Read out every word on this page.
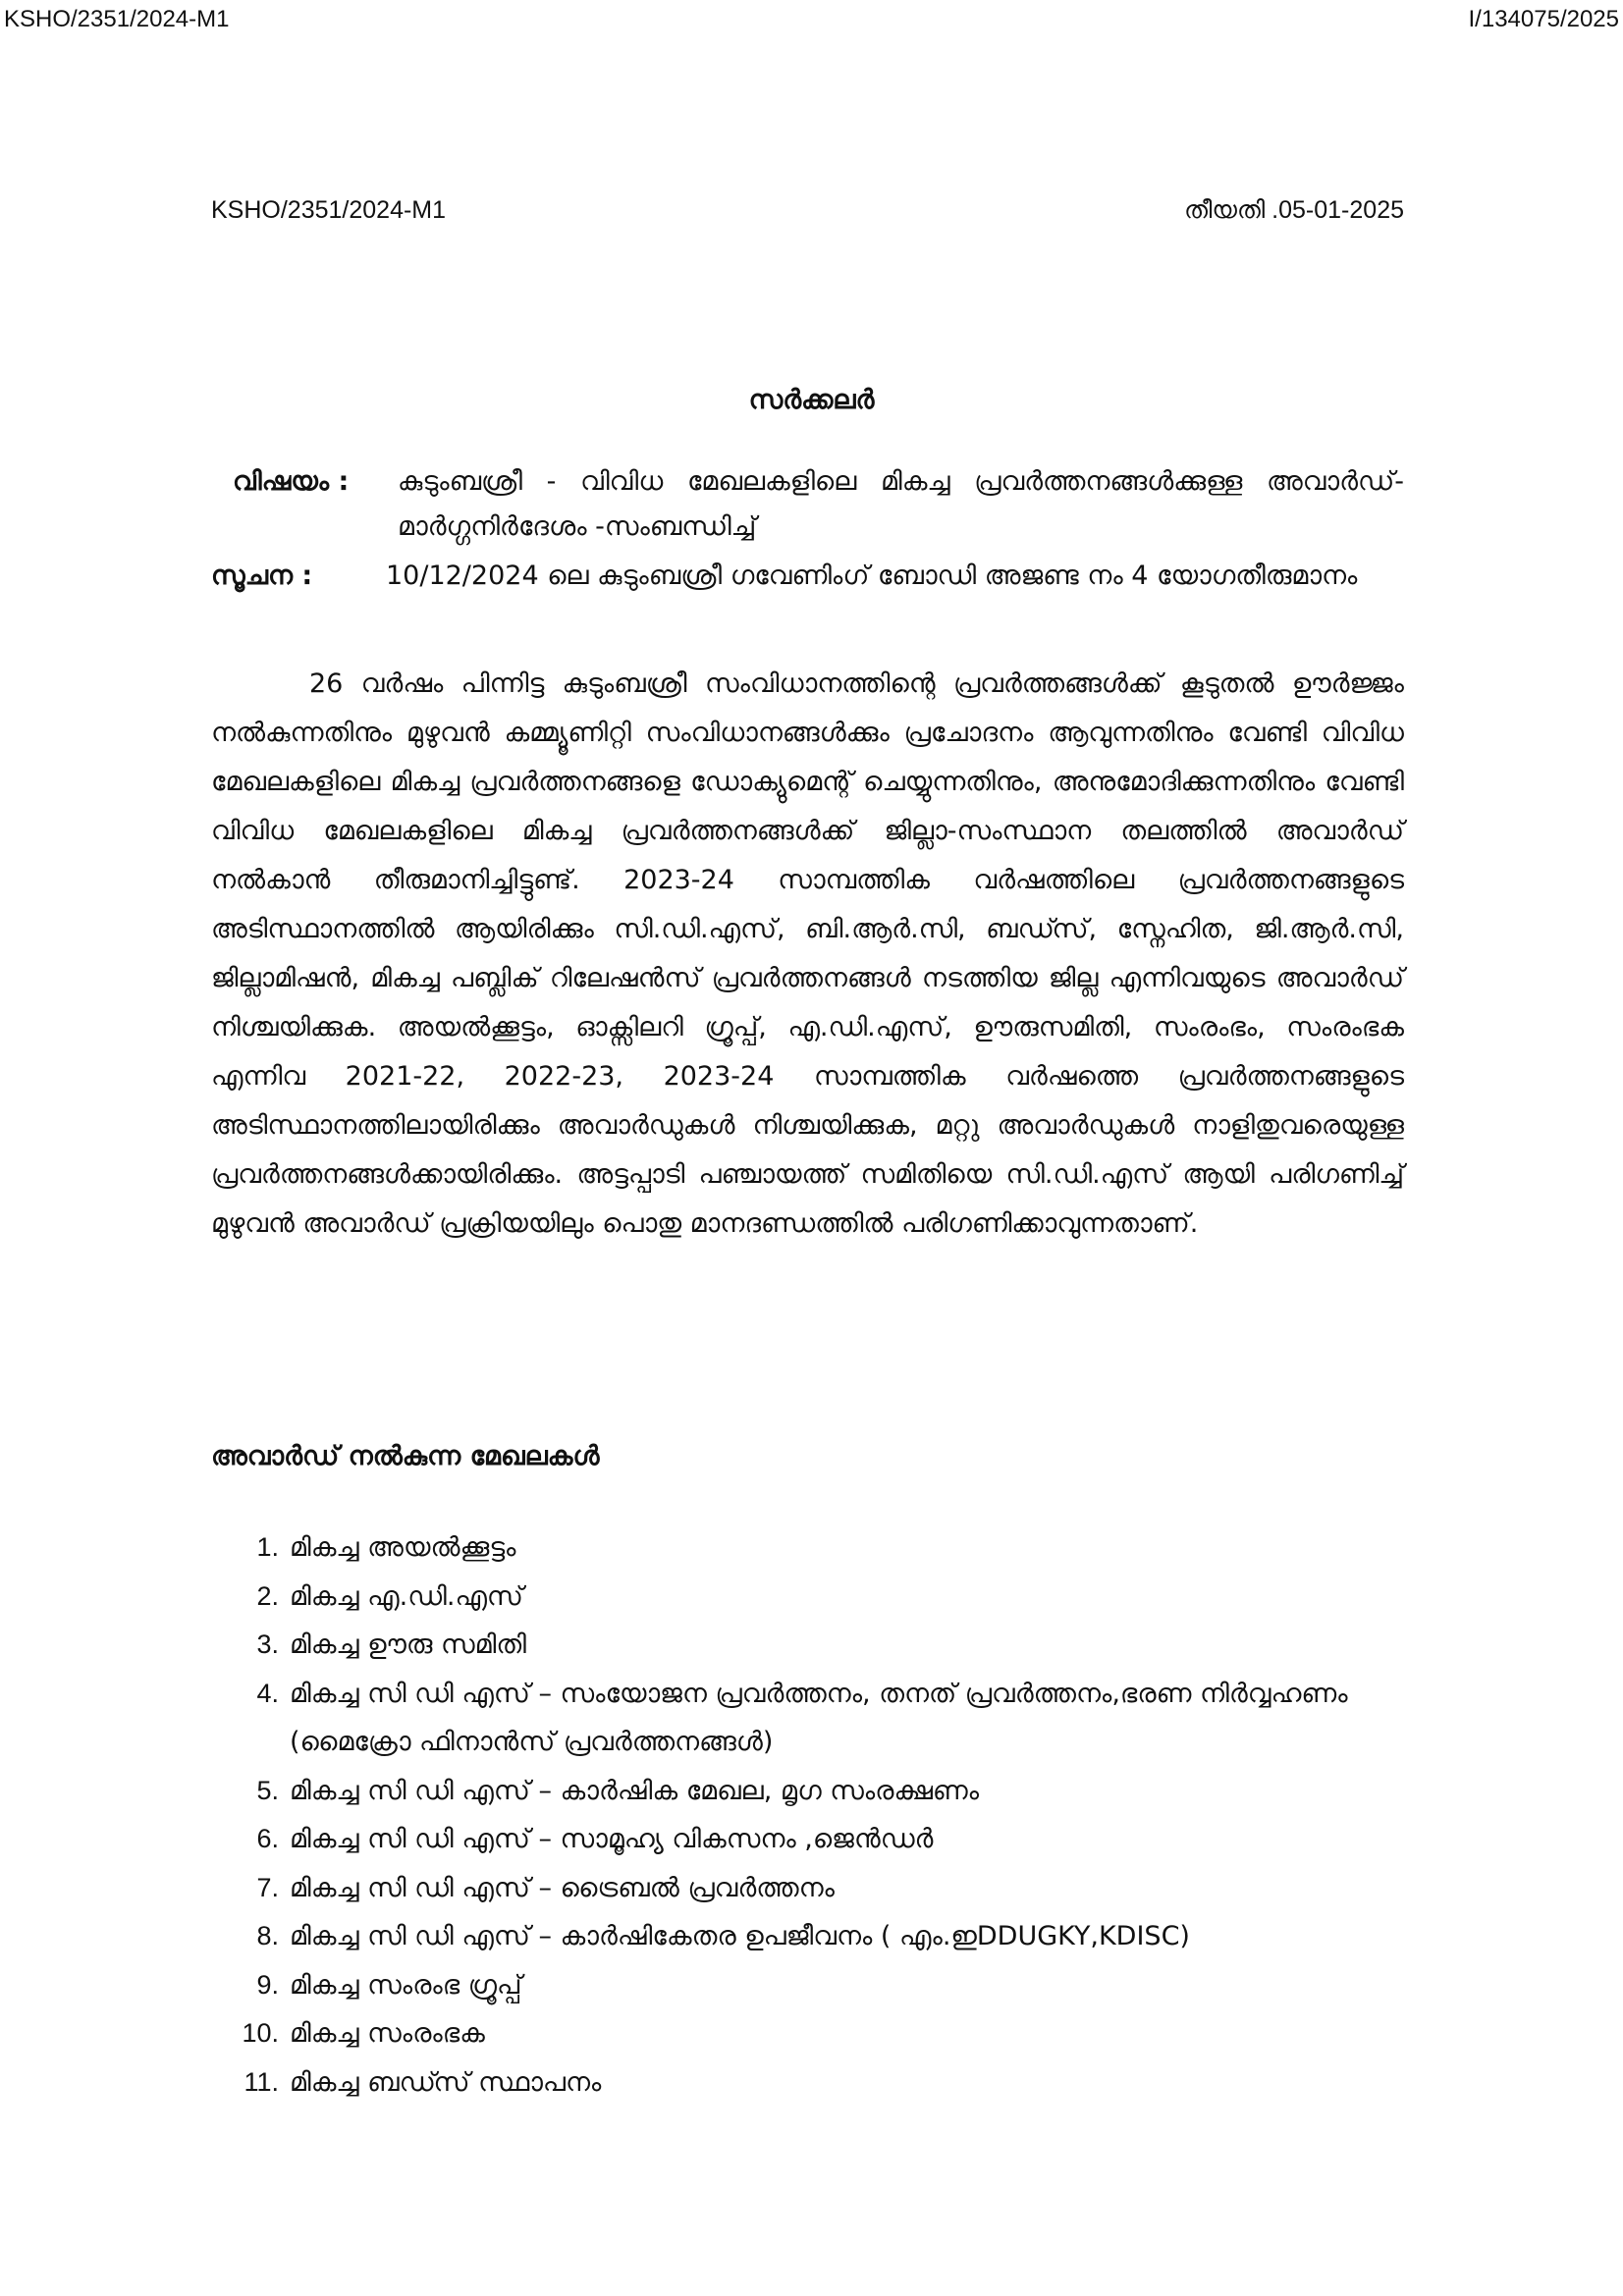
KSHO/2351/2024-M1	I/134075/2025
KSHO/2351/2024-M1	തീയതി .05-01-2025
സർക്കലർ
വിഷയം : കുടുംബശ്രീ - വിവിധ മേഖലകളിലെ മികച്ച പ്രവർത്തനങ്ങൾക്കുള്ള അവാർഡ്-മാർഗ്ഗനിർദേശം -സംബന്ധിച്ച്
സൂചന :	10/12/2024 ലെ കുടുംബശ്രീ ഗവേണിംഗ് ബോഡി അജണ്ട നം 4 യോഗതീരുമാനം
26 വർഷം പിന്നിട്ട കുടുംബശ്രീ സംവിധാനത്തിന്റെ പ്രവർത്തങ്ങൾക്ക് കൂടുതൽ ഊർജ്ജം നൽകുന്നതിനും മുഴുവൻ കമ്മ്യൂണിറ്റി സംവിധാനങ്ങൾക്കും പ്രചോദനം ആവുന്നതിനും വേണ്ടി വിവിധ മേഖലകളിലെ മികച്ച പ്രവർത്തനങ്ങളെ ഡോക്യുമെന്റ് ചെയ്യുന്നതിനും, അനുമോദിക്കുന്നതിനും വേണ്ടി വിവിധ മേഖലകളിലെ മികച്ച പ്രവർത്തനങ്ങൾക്ക് ജില്ലാ-സംസ്ഥാന തലത്തിൽ അവാർഡ് നൽകാൻ തീരുമാനിച്ചിട്ടുണ്ട്. 2023-24 സാമ്പത്തിക വർഷത്തിലെ പ്രവർത്തനങ്ങളുടെ അടിസ്ഥാനത്തിൽ ആയിരിക്കും സി.ഡി.എസ്, ബി.ആർ.സി, ബഡ്സ്, സ്നേഹിത, ജി.ആർ.സി, ജില്ലാമിഷൻ, മികച്ച പബ്ലിക് റിലേഷൻസ് പ്രവർത്തനങ്ങൾ നടത്തിയ ജില്ല എന്നിവയുടെ അവാർഡ് നിശ്ചയിക്കുക. അയൽക്കൂട്ടം, ഓക്സിലറി ഗ്രൂപ്പ്, എ.ഡി.എസ്, ഊരുസമിതി, സംരംഭം, സംരംഭക എന്നിവ 2021-22, 2022-23, 2023-24 സാമ്പത്തിക വർഷത്തെ പ്രവർത്തനങ്ങളുടെ അടിസ്ഥാനത്തിലായിരിക്കും അവാർഡുകൾ നിശ്ചയിക്കുക, മറ്റു അവാർഡുകൾ നാളിതുവരെയുള്ള പ്രവർത്തനങ്ങൾക്കായിരിക്കും. അട്ടപ്പാടി പഞ്ചായത്ത് സമിതിയെ സി.ഡി.എസ് ആയി പരിഗണിച്ച് മുഴുവൻ അവാർഡ് പ്രക്രിയയിലും പൊതു മാനദണ്ഡത്തിൽ പരിഗണിക്കാവുന്നതാണ്.
അവാർഡ് നൽകുന്ന മേഖലകൾ
1. മികച്ച അയൽക്കൂട്ടം
2. മികച്ച എ.ഡി.എസ്
3. മികച്ച ഊരു സമിതി
4. മികച്ച സി ഡി എസ് – സംയോജന പ്രവർത്തനം, തനത് പ്രവർത്തനം,ഭരണ നിർവ്വഹണം (മൈക്രോ ഫിനാൻസ് പ്രവർത്തനങ്ങൾ)
5. മികച്ച സി ഡി എസ് – കാർഷിക മേഖല, മൃഗ സംരക്ഷണം
6. മികച്ച സി ഡി എസ് – സാമൂഹ്യ വികസനം ,ജെൻഡർ
7. മികച്ച സി ഡി എസ് – ട്രൈബൽ പ്രവർത്തനം
8. മികച്ച സി ഡി എസ് – കാർഷികേതര ഉപജീവനം ( എം.ഇDDUGKY,KDISC)
9. മികച്ച സംരംഭ ഗ്രൂപ്പ്
10. മികച്ച സംരംഭക
11. മികച്ച ബഡ്സ് സ്ഥാപനം
